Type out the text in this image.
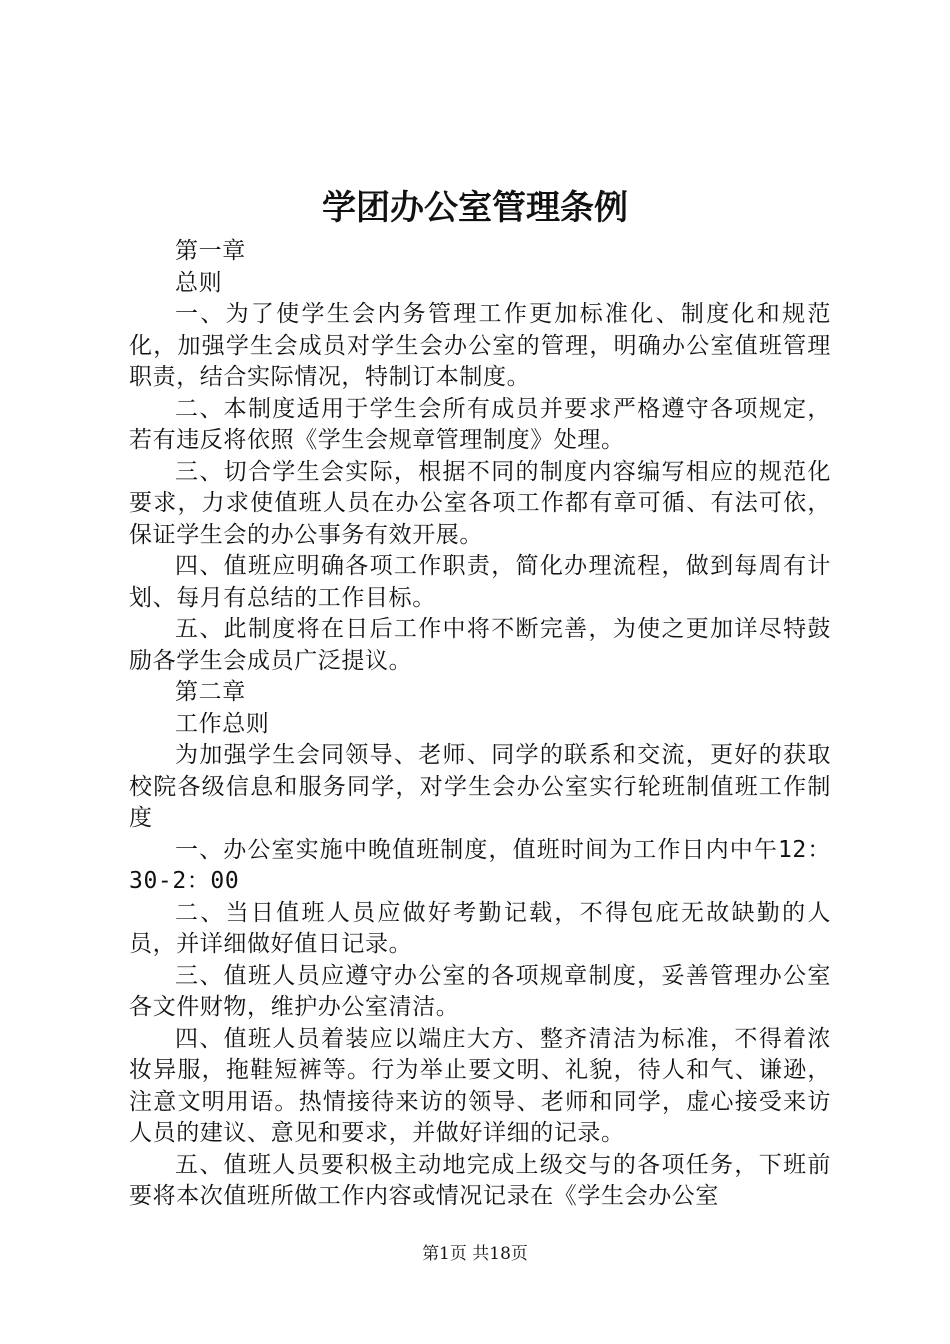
学团办公室管理条例

第一章

总则

一、为了使学生会内务管理工作更加标准化、制度化和规范化，加强学生会成员对学生会办公室的管理，明确办公室值班管理职责，结合实际情况，特制订本制度。

二、本制度适用于学生会所有成员并要求严格遵守各项规定，若有违反将依照《学生会规章管理制度》处理。

三、切合学生会实际，根据不同的制度内容编写相应的规范化要求，力求使值班人员在办公室各项工作都有章可循、有法可依，保证学生会的办公事务有效开展。

四、值班应明确各项工作职责，简化办理流程，做到每周有计划、每月有总结的工作目标。

五、此制度将在日后工作中将不断完善，为使之更加详尽特鼓励各学生会成员广泛提议。

第二章

工作总则

为加强学生会同领导、老师、同学的联系和交流，更好的获取校院各级信息和服务同学，对学生会办公室实行轮班制值班工作制度

一、办公室实施中晚值班制度，值班时间为工作日内中午12：30-2：00

二、当日值班人员应做好考勤记载，不得包庇无故缺勤的人员，并详细做好值日记录。

三、值班人员应遵守办公室的各项规章制度，妥善管理办公室各文件财物，维护办公室清洁。

四、值班人员着装应以端庄大方、整齐清洁为标准，不得着浓妆异服，拖鞋短裤等。行为举止要文明、礼貌，待人和气、谦逊，注意文明用语。热情接待来访的领导、老师和同学，虚心接受来访人员的建议、意见和要求，并做好详细的记录。

五、值班人员要积极主动地完成上级交与的各项任务，下班前要将本次值班所做工作内容或情况记录在《学生会办公室

第1页 共18页
